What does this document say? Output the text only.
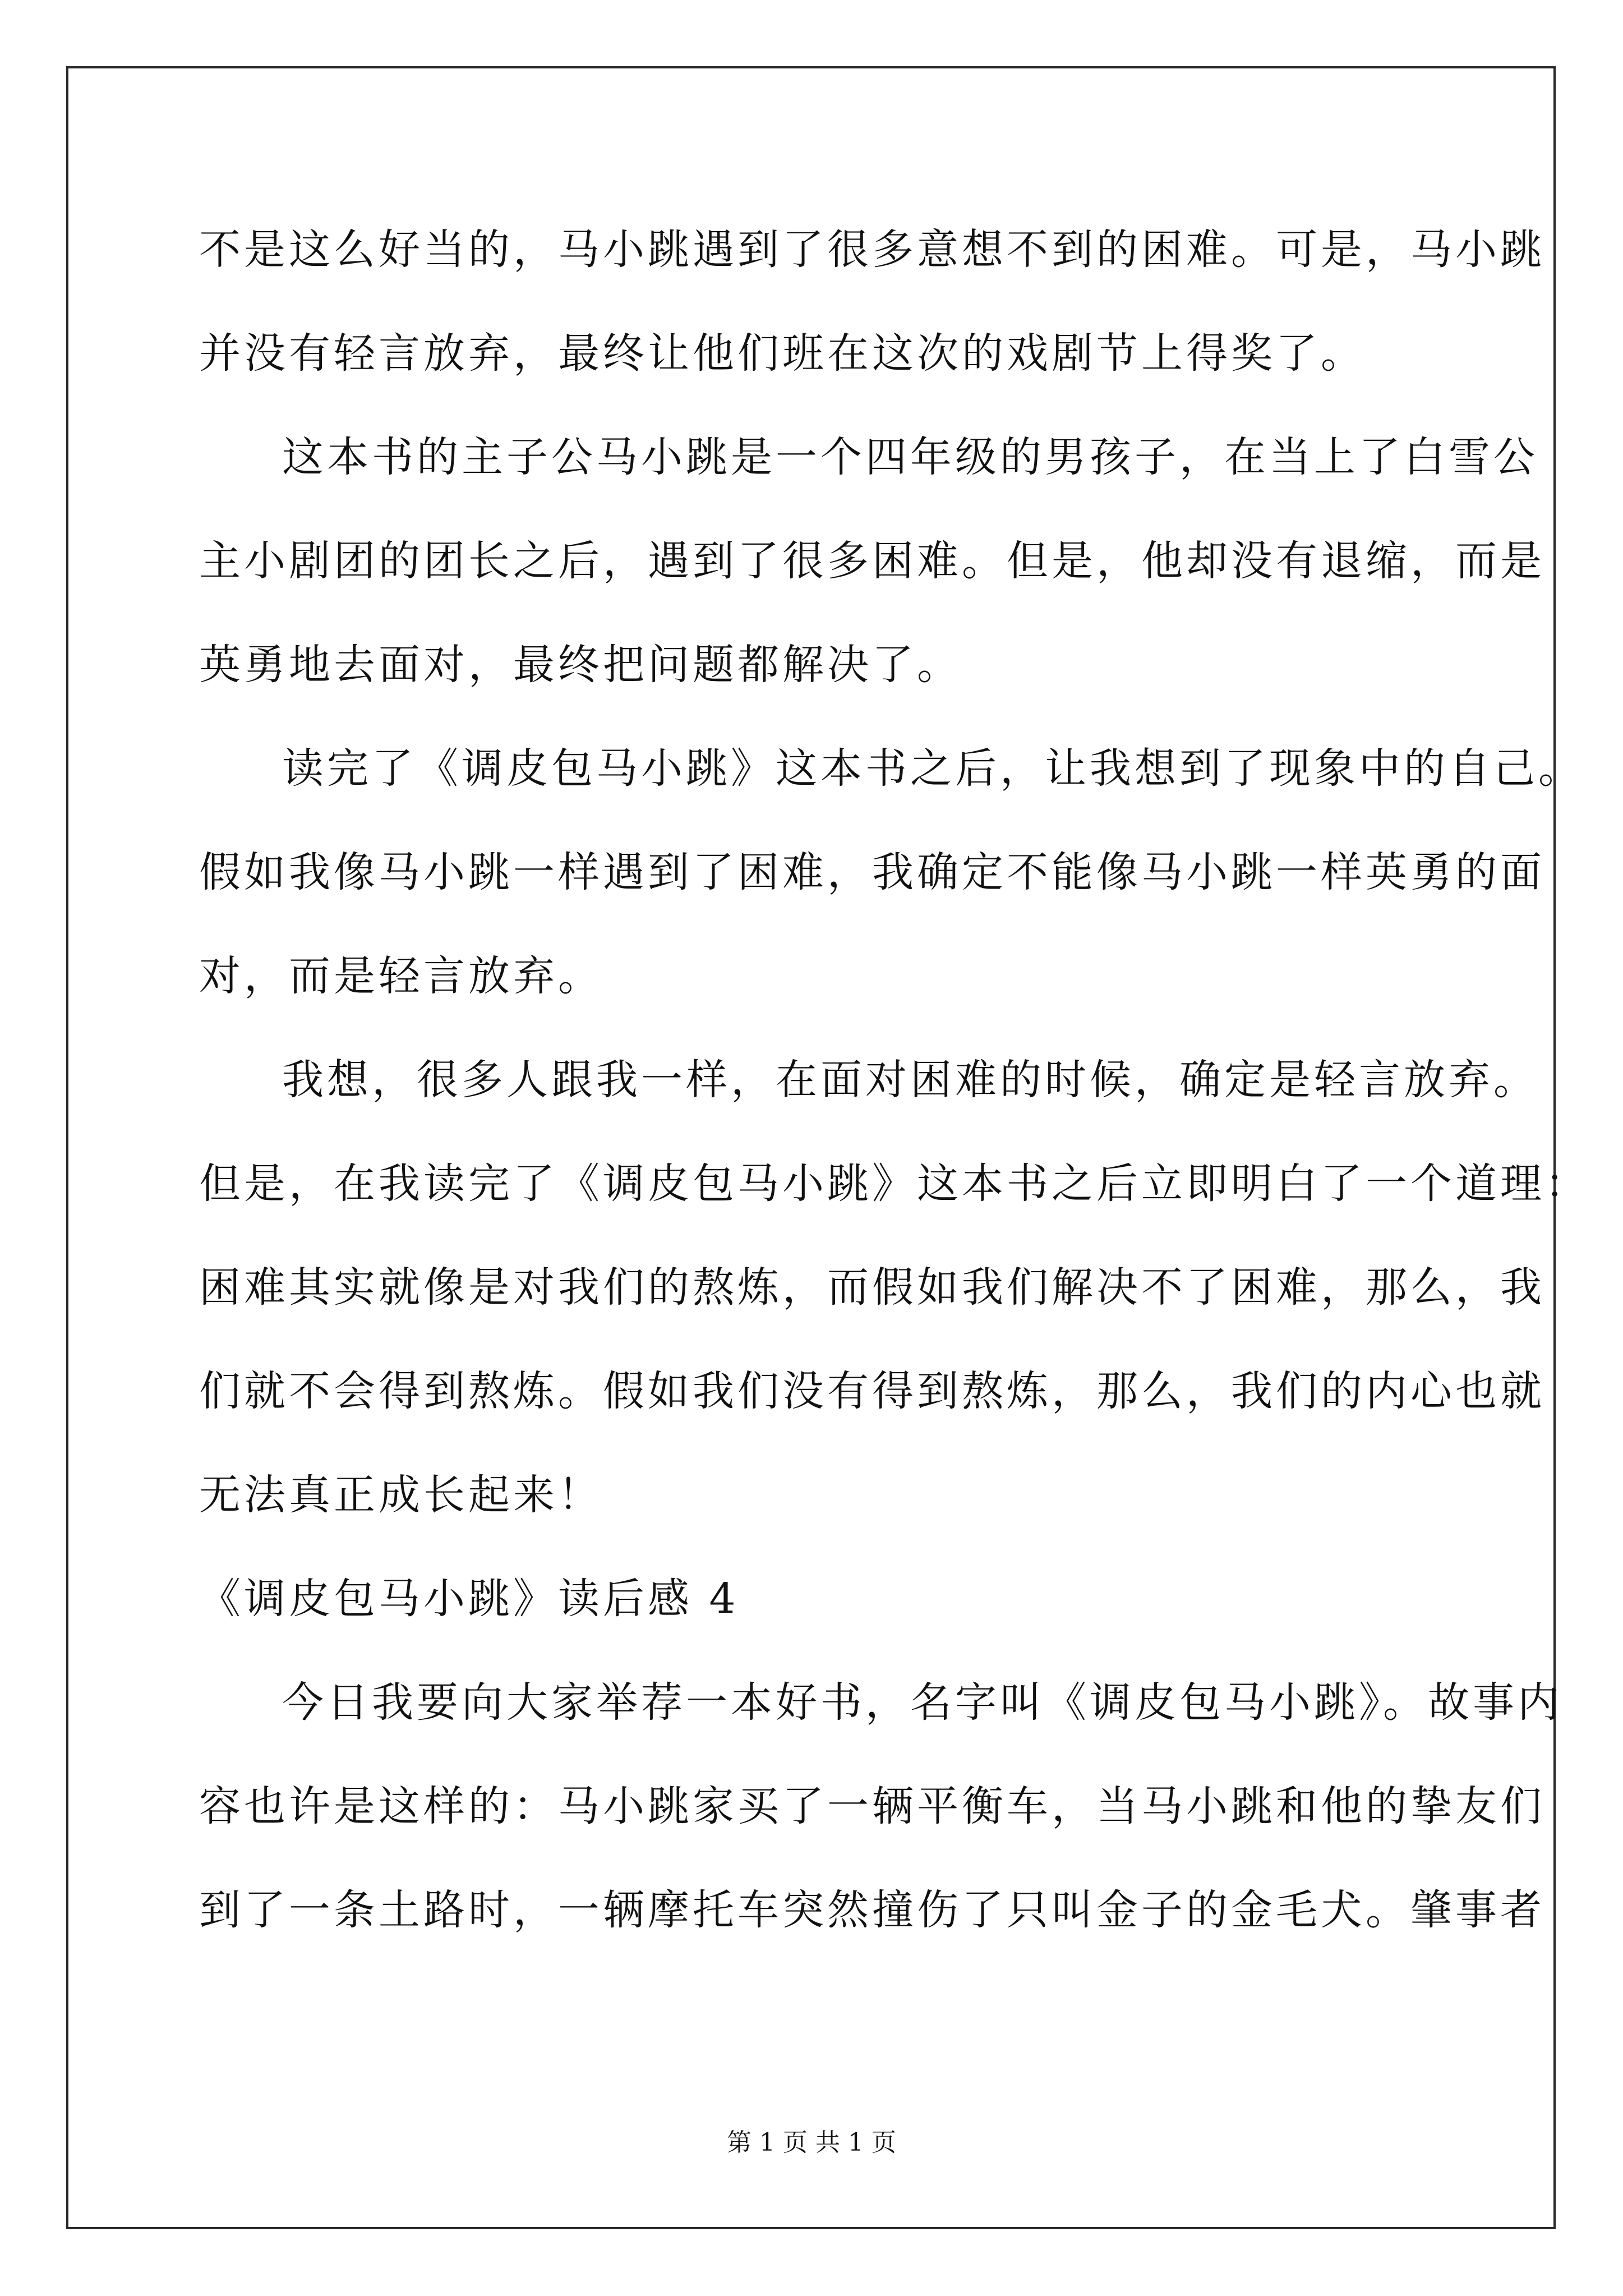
不是这么好当的，马小跳遇到了很多意想不到的困难。可是，马小跳
并没有轻言放弃，最终让他们班在这次的戏剧节上得奖了。
这本书的主子公马小跳是一个四年级的男孩子，在当上了白雪公
主小剧团的团长之后，遇到了很多困难。但是，他却没有退缩，而是
英勇地去面对，最终把问题都解决了。
读完了《调皮包马小跳》这本书之后，让我想到了现象中的自己。
假如我像马小跳一样遇到了困难，我确定不能像马小跳一样英勇的面
对，而是轻言放弃。
我想，很多人跟我一样，在面对困难的时候，确定是轻言放弃。
但是，在我读完了《调皮包马小跳》这本书之后立即明白了一个道理：
困难其实就像是对我们的熬炼，而假如我们解决不了困难，那么，我
们就不会得到熬炼。假如我们没有得到熬炼，那么，我们的内心也就
无法真正成长起来！
《调皮包马小跳》读后感 4
今日我要向大家举荐一本好书，名字叫《调皮包马小跳》。故事内
容也许是这样的：马小跳家买了一辆平衡车，当马小跳和他的挚友们
到了一条土路时，一辆摩托车突然撞伤了只叫金子的金毛犬。肇事者
第 1 页 共 1 页
